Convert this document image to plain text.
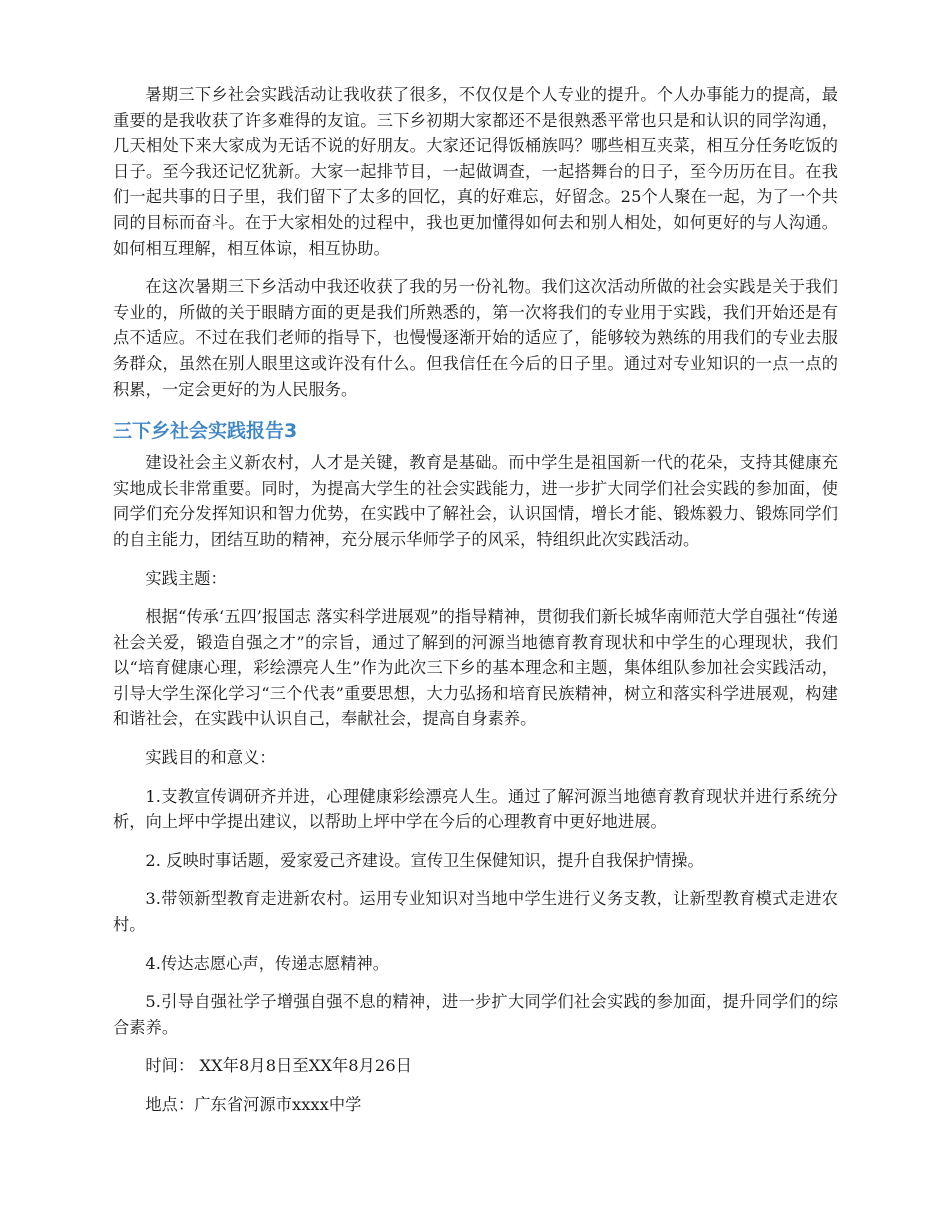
暑期三下乡社会实践活动让我收获了很多，不仅仅是个人专业的提升。个人办事能力的提高，最重要的是我收获了许多难得的友谊。三下乡初期大家都还不是很熟悉平常也只是和认识的同学沟通，几天相处下来大家成为无话不说的好朋友。大家还记得饭桶族吗？哪些相互夹菜，相互分任务吃饭的日子。至今我还记忆犹新。大家一起排节目，一起做调查，一起搭舞台的日子，至今历历在目。在我们一起共事的日子里，我们留下了太多的回忆，真的好难忘，好留念。25个人聚在一起，为了一个共同的目标而奋斗。在于大家相处的过程中，我也更加懂得如何去和别人相处，如何更好的与人沟通。如何相互理解，相互体谅，相互协助。

在这次暑期三下乡活动中我还收获了我的另一份礼物。我们这次活动所做的社会实践是关于我们专业的，所做的关于眼睛方面的更是我们所熟悉的，第一次将我们的专业用于实践，我们开始还是有点不适应。不过在我们老师的指导下，也慢慢逐渐开始的适应了，能够较为熟练的用我们的专业去服务群众，虽然在别人眼里这或许没有什么。但我信任在今后的日子里。通过对专业知识的一点一点的积累，一定会更好的为人民服务。

三下乡社会实践报告3

建设社会主义新农村，人才是关键，教育是基础。而中学生是祖国新一代的花朵，支持其健康充实地成长非常重要。同时，为提高大学生的社会实践能力，进一步扩大同学们社会实践的参加面，使同学们充分发挥知识和智力优势，在实践中了解社会，认识国情，增长才能、锻炼毅力、锻炼同学们的自主能力，团结互助的精神，充分展示华师学子的风采，特组织此次实践活动。

实践主题：

根据“传承‘五四’报国志 落实科学进展观”的指导精神，贯彻我们新长城华南师范大学自强社“传递社会关爱，锻造自强之才”的宗旨，通过了解到的河源当地德育教育现状和中学生的心理现状，我们以“培育健康心理，彩绘漂亮人生”作为此次三下乡的基本理念和主题，集体组队参加社会实践活动，引导大学生深化学习“三个代表”重要思想，大力弘扬和培育民族精神，树立和落实科学进展观，构建和谐社会，在实践中认识自己，奉献社会，提高自身素养。

实践目的和意义：

1.支教宣传调研齐并进，心理健康彩绘漂亮人生。通过了解河源当地德育教育现状并进行系统分析，向上坪中学提出建议，以帮助上坪中学在今后的心理教育中更好地进展。

2. 反映时事话题，爱家爱己齐建设。宣传卫生保健知识，提升自我保护情操。

3.带领新型教育走进新农村。运用专业知识对当地中学生进行义务支教，让新型教育模式走进农村。

4.传达志愿心声，传递志愿精神。

5.引导自强社学子增强自强不息的精神，进一步扩大同学们社会实践的参加面，提升同学们的综合素养。

时间： XX年8月8日至XX年8月26日

地点：广东省河源市xxxx中学
